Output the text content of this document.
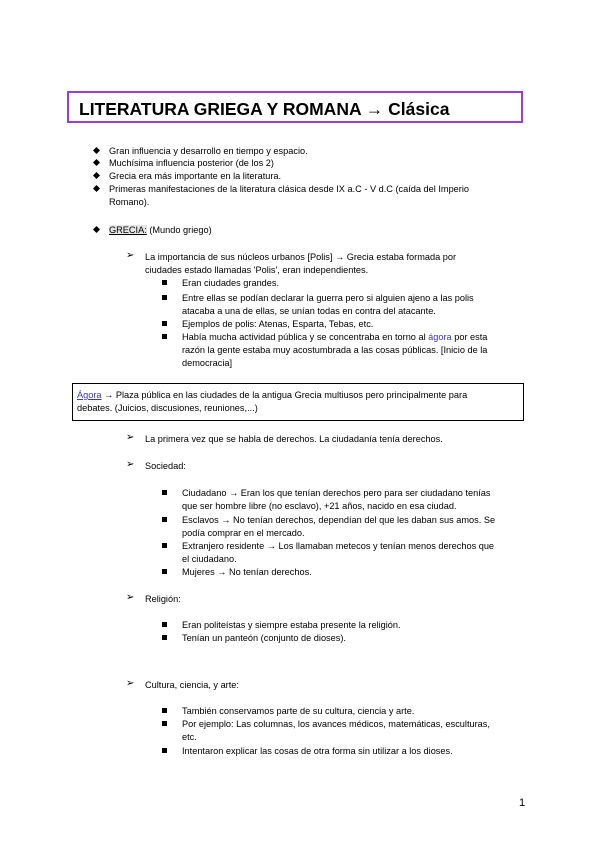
LITERATURA GRIEGA Y ROMANA → Clásica
Gran influencia y desarrollo en tiempo y espacio.
Muchísima influencia posterior (de los 2)
Grecia era más importante en la literatura.
Primeras manifestaciones de la literatura clásica desde IX a.C - V d.C (caída del Imperio
Romano).
GRECIA: (Mundo griego)
➢ La importancia de sus núcleos urbanos [Polis] → Grecia estaba formada por
ciudades estado llamadas 'Polis', eran independientes.
Eran ciudades grandes.
Entre ellas se podían declarar la guerra pero si alguien ajeno a las polis
atacaba a una de ellas, se unían todas en contra del atacante.
Ejemplos de polis: Atenas, Esparta, Tebas, etc.
Había mucha actividad pública y se concentraba en torno al ágora por esta
razón la gente estaba muy acostumbrada a las cosas públicas. [Inicio de la
democracia]
Ágora → Plaza pública en las ciudades de la antigua Grecia multiusos pero principalmente para
debates. (Juicios, discusiones, reuniones,...)
➢ La primera vez que se habla de derechos. La ciudadanía tenía derechos.
➢ Sociedad:
Ciudadano → Eran los que tenían derechos pero para ser ciudadano tenías
que ser hombre libre (no esclavo), +21 años, nacido en esa ciudad.
Esclavos → No tenían derechos, dependían del que les daban sus amos. Se
podía comprar en el mercado.
Extranjero residente → Los llamaban metecos y tenían menos derechos que
el ciudadano.
Mujeres → No tenían derechos.
➢ Religión:
Eran politeístas y siempre estaba presente la religión.
Tenían un panteón (conjunto de dioses).
➢ Cultura, ciencia, y arte:
También conservamos parte de su cultura, ciencia y arte.
Por ejemplo: Las columnas, los avances médicos, matemáticas, esculturas,
etc.
Intentaron explicar las cosas de otra forma sin utilizar a los dioses.
1
